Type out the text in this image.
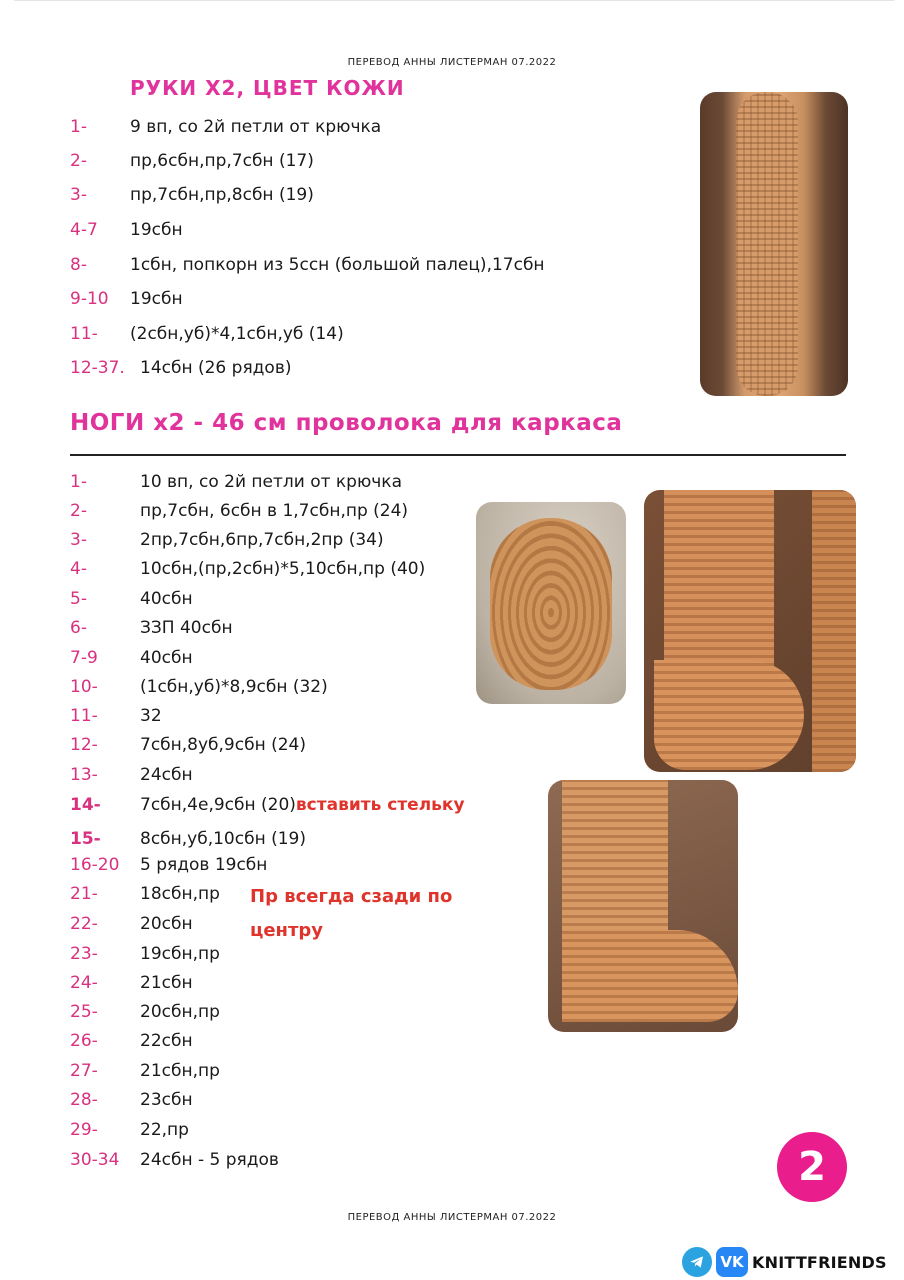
ПЕРЕВОД АННЫ ЛИСТЕРМАН 07.2022
РУКИ Х2, ЦВЕТ КОЖИ
1-	9 вп, со 2й петли от крючка
2-	пр,6сбн,пр,7сбн (17)
3-	пр,7сбн,пр,8сбн (19)
4-7 19сбн
8-	1сбн, попкорн из 5ссн (большой палец),17сбн
9-10 19сбн
11- (2сбн,уб)*4,1сбн,уб (14)
12-37. 14сбн (26 рядов)
НОГИ х2 - 46 см проволока для каркаса
1-	10 вп, со 2й петли от крючка
2-	пр,7сбн, 6сбн в 1,7сбн,пр (24)
3-	2пр,7сбн,6пр,7сбн,2пр (34)
4-	10сбн,(пр,2сбн)*5,10сбн,пр (40)
5-	40сбн
6-	ЗЗП 40сбн
7-9 40сбн
10- (1сбн,уб)*8,9сбн (32)
11- 32
12- 7сбн,8уб,9сбн (24)
13- 24сбн
14- 7сбн,4е,9сбн (20)вставить стельку
15- 8сбн,уб,10сбн (19)
16-20 5 рядов 19сбн
21- 18сбн,пр
22- 20сбн
23- 19сбн,пр
24- 21сбн
25- 20сбн,пр
26- 22сбн
27- 21сбн,пр
28- 23сбн
29- 22,пр
30-34 24сбн - 5 рядов
Пр всегда сзади по центру
2
ПЕРЕВОД АННЫ ЛИСТЕРМАН 07.2022
VK KNITTFRIENDS
